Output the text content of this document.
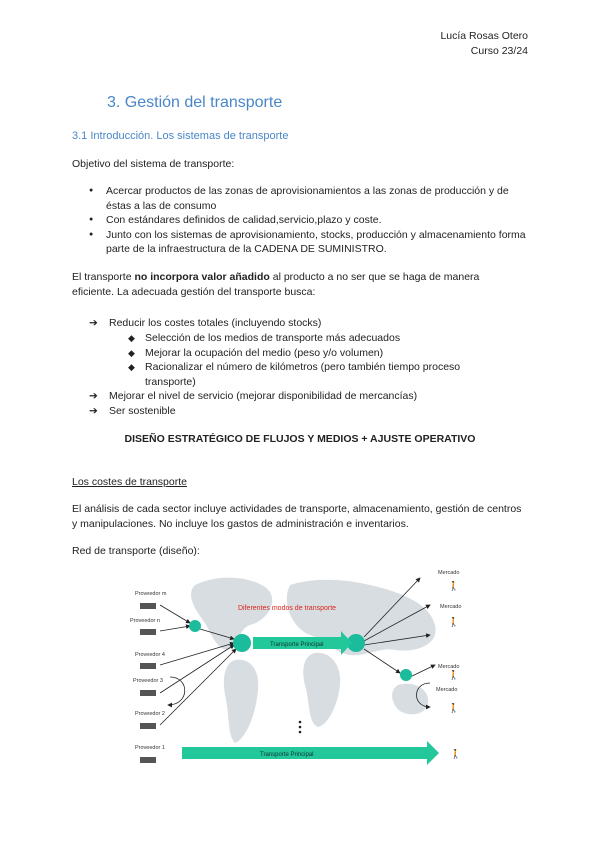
Lucía Rosas Otero
Curso 23/24
3. Gestión del transporte
3.1 Introducción. Los sistemas de transporte
Objetivo del sistema de transporte:
● Acercar productos de las zonas de aprovisionamientos a las zonas de producción y de éstas a las de consumo
● Con estándares definidos de calidad,servicio,plazo y coste.
● Junto con los sistemas de aprovisionamiento, stocks, producción y almacenamiento forma parte de la infraestructura de la CADENA DE SUMINISTRO.
El transporte no incorpora valor añadido al producto a no ser que se haga de manera eficiente. La adecuada gestión del transporte busca:
➔ Reducir los costes totales (incluyendo stocks)
◆ Selección de los medios de transporte más adecuados
◆ Mejorar la ocupación del medio (peso y/o volumen)
◆ Racionalizar el número de kilómetros (pero también tiempo proceso transporte)
➔ Mejorar el nivel de servicio (mejorar disponibilidad de mercancías)
➔ Ser sostenible
DISEÑO ESTRATÉGICO DE FLUJOS Y MEDIOS + AJUSTE OPERATIVO
Los costes de transporte
El análisis de cada sector incluye actividades de transporte, almacenamiento, gestión de centros y manipulaciones. No incluye los gastos de administración e inventarios.
Red de transporte (diseño):
Diferentes modos de transporte
Proveedor m
Proveedor n
Proveedor 4
Proveedor 3
Proveedor 2
Proveedor 1
Transporte Principal
Transporte Principal
Mercado
🚶
Mercado
🚶
Mercado
🚶
Mercado
🚶
🚶
